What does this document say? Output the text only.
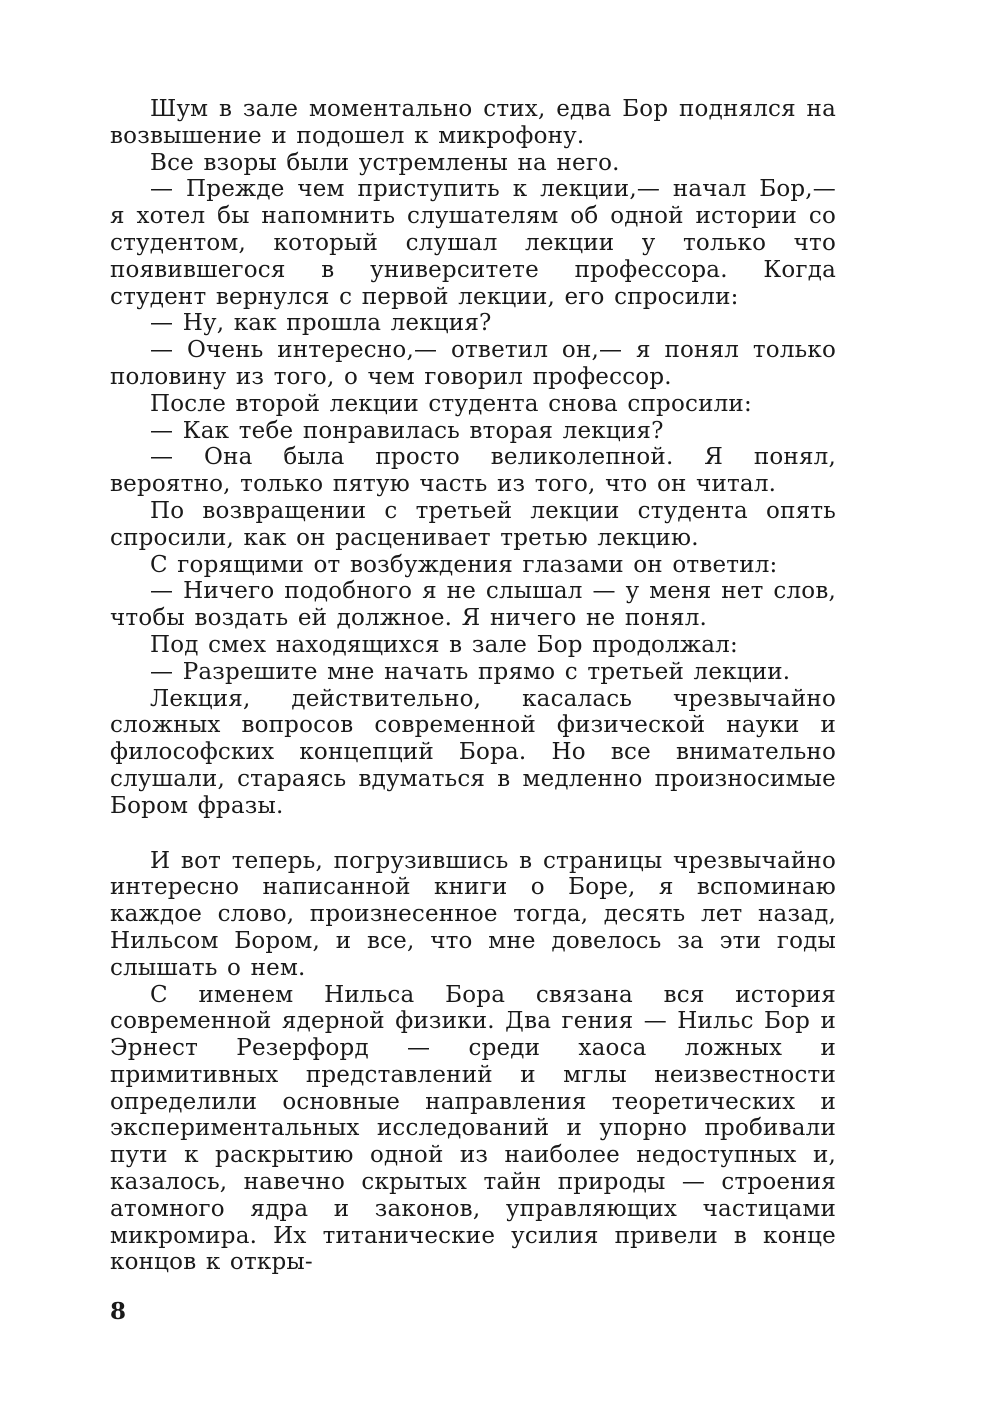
Шум в зале моментально стих, едва Бор поднялся на возвышение и подошел к микрофону.

Все взоры были устремлены на него.

— Прежде чем приступить к лекции,— начал Бор,— я хотел бы напомнить слушателям об одной истории со студентом, который слушал лекции у только что появившегося в университете профессора. Когда студент вернулся с первой лекции, его спросили:

— Ну, как прошла лекция?

— Очень интересно,— ответил он,— я понял только половину из того, о чем говорил профессор.

После второй лекции студента снова спросили:

— Как тебе понравилась вторая лекция?

— Она была просто великолепной. Я понял, вероятно, только пятую часть из того, что он читал.

По возвращении с третьей лекции студента опять спросили, как он расценивает третью лекцию.

С горящими от возбуждения глазами он ответил:

— Ничего подобного я не слышал — у меня нет слов, чтобы воздать ей должное. Я ничего не понял.

Под смех находящихся в зале Бор продолжал:

— Разрешите мне начать прямо с третьей лекции.

Лекция, действительно, касалась чрезвычайно сложных вопросов современной физической науки и философских концепций Бора. Но все внимательно слушали, стараясь вдуматься в медленно произносимые Бором фразы.

И вот теперь, погрузившись в страницы чрезвычайно интересно написанной книги о Боре, я вспоминаю каждое слово, произнесенное тогда, десять лет назад, Нильсом Бором, и все, что мне довелось за эти годы слышать о нем.

С именем Нильса Бора связана вся история современной ядерной физики. Два гения — Нильс Бор и Эрнест Резерфорд — среди хаоса ложных и примитивных представлений и мглы неизвестности определили основные направления теоретических и экспериментальных исследований и упорно пробивали пути к раскрытию одной из наиболее недоступных и, казалось, навечно скрытых тайн природы — строения атомного ядра и законов, управляющих частицами микромира. Их титанические усилия привели в конце концов к откры-

8
